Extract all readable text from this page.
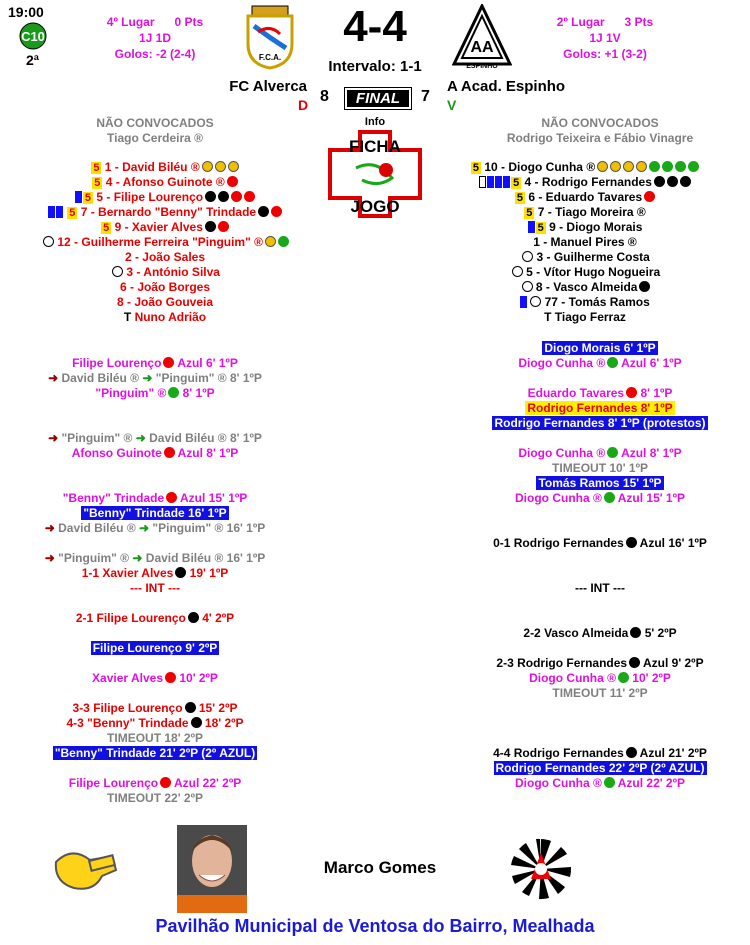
19:00
C10
2ª
4º Lugar      0 Pts
1J 1D
Golos: -2 (2-4)
2º Lugar      3 Pts
1J 1V
Golos: +1 (3-2)
F.C.A.
4-4
Intervalo: 1-1
AA
ESPINHO
FC Alverca	A Acad. Espinho
D	V
8	FINAL	7
Info
FICHA
JOGO
NÃO CONVOCADOS
Tiago Cerdeira ®
NÃO CONVOCADOS
Rodrigo Teixeira e Fábio Vinagre
5 1 - David Biléu ®
5 4 - Afonso Guinote ®
5 5 - Filipe Lourenço
5 7 - Bernardo "Benny" Trindade
5 9 - Xavier Alves
12 - Guilherme Ferreira "Pinguim" ®
2 - João Sales
3 - António Silva
6 - João Borges
8 - João Gouveia
T Nuno Adrião
5 10 - Diogo Cunha ®
5 4 - Rodrigo Fernandes
5 6 - Eduardo Tavares
5 7 - Tiago Moreira ®
5 9 - Diogo Morais
1 - Manuel Pires ®
3 - Guilherme Costa
5 - Vítor Hugo Nogueira
8 - Vasco Almeida
77 - Tomás Ramos
T Tiago Ferraz
Filipe Lourenço Azul 6' 1ºP
➜ David Biléu ® ➜ "Pinguim" ® 8' 1ºP
"Pinguim" ® 8' 1ºP
➜ "Pinguim" ® ➜ David Biléu ® 8' 1ºP
Afonso Guinote Azul 8' 1ºP
"Benny" Trindade Azul 15' 1ºP
"Benny" Trindade 16' 1ºP
➜ David Biléu ® ➜ "Pinguim" ® 16' 1ºP
➜ "Pinguim" ® ➜ David Biléu ® 16' 1ºP
1-1 Xavier Alves 19' 1ºP
--- INT ---
2-1 Filipe Lourenço 4' 2ºP
Filipe Lourenço 9' 2ºP
Xavier Alves 10' 2ºP
3-3 Filipe Lourenço 15' 2ºP
4-3 "Benny" Trindade 18' 2ºP
TIMEOUT 18' 2ºP
"Benny" Trindade 21' 2ºP (2º AZUL)
Filipe Lourenço Azul 22' 2ºP
TIMEOUT 22' 2ºP
Diogo Morais 6' 1ºP
Diogo Cunha ® Azul 6' 1ºP
Eduardo Tavares 8' 1ºP
Rodrigo Fernandes 8' 1ºP
Rodrigo Fernandes 8' 1ºP (protestos)
Diogo Cunha ® Azul 8' 1ºP
TIMEOUT 10' 1ºP
Tomás Ramos 15' 1ºP
Diogo Cunha ® Azul 15' 1ºP
0-1 Rodrigo Fernandes Azul 16' 1ºP
--- INT ---
2-2 Vasco Almeida 5' 2ºP
2-3 Rodrigo Fernandes Azul 9' 2ºP
Diogo Cunha ® 10' 2ºP
TIMEOUT 11' 2ºP
4-4 Rodrigo Fernandes Azul 21' 2ºP
Rodrigo Fernandes 22' 2ºP (2º AZUL)
Diogo Cunha ® Azul 22' 2ºP
Marco Gomes
Pavilhão Municipal de Ventosa do Bairro, Mealhada
